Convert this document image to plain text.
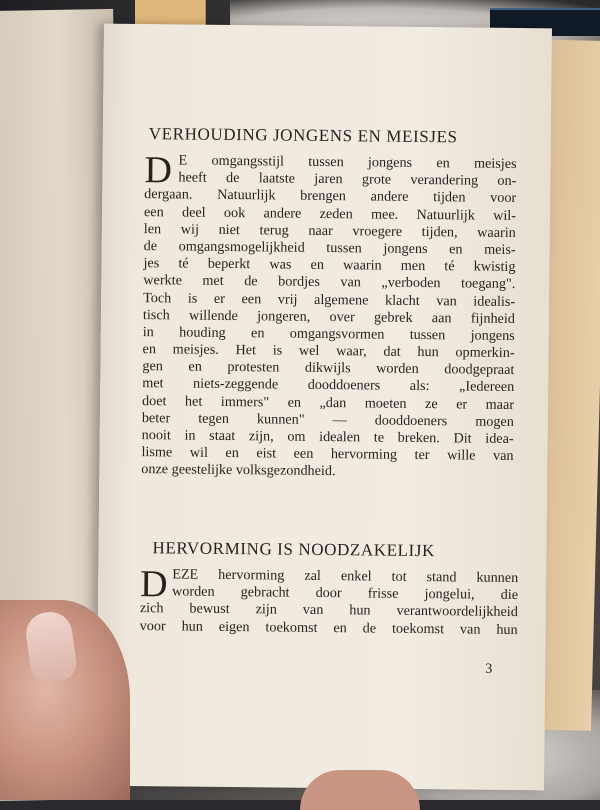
VERHOUDING JONGENS EN MEISJES
D E omgangsstijl tussen jongens en meisjes
heeft de laatste jaren grote verandering on-
dergaan. Natuurlijk brengen andere tijden voor
een deel ook andere zeden mee. Natuurlijk wil-
len wij niet terug naar vroegere tijden, waarin
de omgangsmogelijkheid tussen jongens en meis-
jes té beperkt was en waarin men té kwistig
werkte met de bordjes van „verboden toegang".
Toch is er een vrij algemene klacht van idealis-
tisch willende jongeren, over gebrek aan fijnheid
in houding en omgangsvormen tussen jongens
en meisjes. Het is wel waar, dat hun opmerkin-
gen en protesten dikwijls worden doodgepraat
met niets-zeggende dooddoeners als: „Iedereen
doet het immers" en „dan moeten ze er maar
beter tegen kunnen" — dooddoeners mogen
nooit in staat zijn, om idealen te breken. Dit idea-
lisme wil en eist een hervorming ter wille van
onze geestelijke volksgezondheid.
HERVORMING IS NOODZAKELIJK
D EZE hervorming zal enkel tot stand kunnen
worden gebracht door frisse jongelui, die
zich bewust zijn van hun verantwoordelijkheid
voor hun eigen toekomst en de toekomst van hun
3
